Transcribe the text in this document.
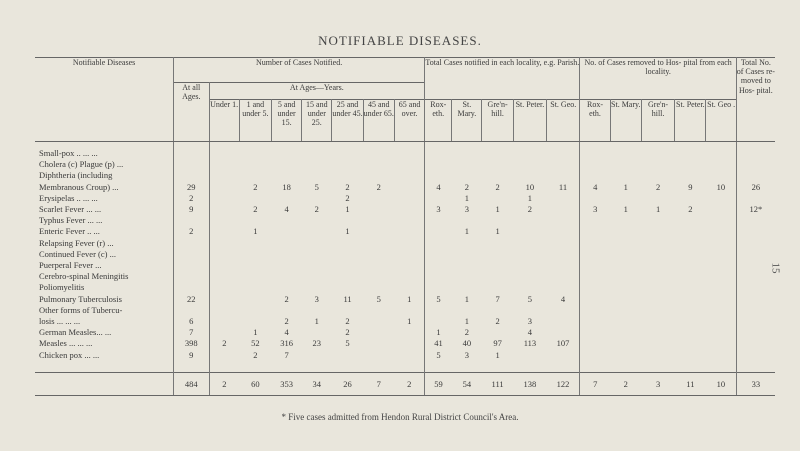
NOTIFIABLE DISEASES.
15
Notifiable Diseases	Number of Cases Notified.								Total Cases notified in each locality, e.g. Parish.					No. of Cases removed to Hos- pital from each locality.					Total No. of Cases re- moved to Hos- pital.
	At all Ages.	At Ages—Years.																	
		Under 1.	1 and under 5.	5 and under 15.	15 and under 25.	25 and under 45.	45 and under 65.	65 and over.	Rox- eth.	St. Mary.	Gre'n- hill.	St. Peter.	St. Geo.	Rox- eth.	St. Mary.	Gre'n- hill.	St. Peter.	St. Geo .	
Small-pox .. ... ...																			
Cholera (c) Plague (p) ...																			
Diphtheria (including																			
Membranous Croup) ...	29		2	18	5	2	2		4	2	2	10	11	4	1	2	9	10	26
Erysipelas .. ... ...	2					2				1		1							
Scarlet Fever ... ...	9		2	4	2	1			3	3	1	2		3	1	1	2		12*
Typhus Fever ... ...																			
Enteric Fever .. ...	2		1			1				1	1								
Relapsing Fever (r) ...																			
Continued Fever (c) ...																			
Puerperal Fever ...																			
Cerebro-spinal Meningitis																			
Poliomyelitis																			
Pulmonary Tuberculosis	22			2	3	11	5	1	5	1	7	5	4						
Other forms of Tubercu-																			
losis ... ... ...	6			2	1	2		1		1	2	3							
German Measles... ...	7		1	4		2			1	2		4							
Measles ... ... ...	398	2	52	316	23	5			41	40	97	113	107						
Chicken pox ... ...	9		2	7					5	3	1								

	484	2	60	353	34	26	7	2	59	54	111	138	122	7	2	3	11	10	33
* Five cases admitted from Hendon Rural District Council's Area.
